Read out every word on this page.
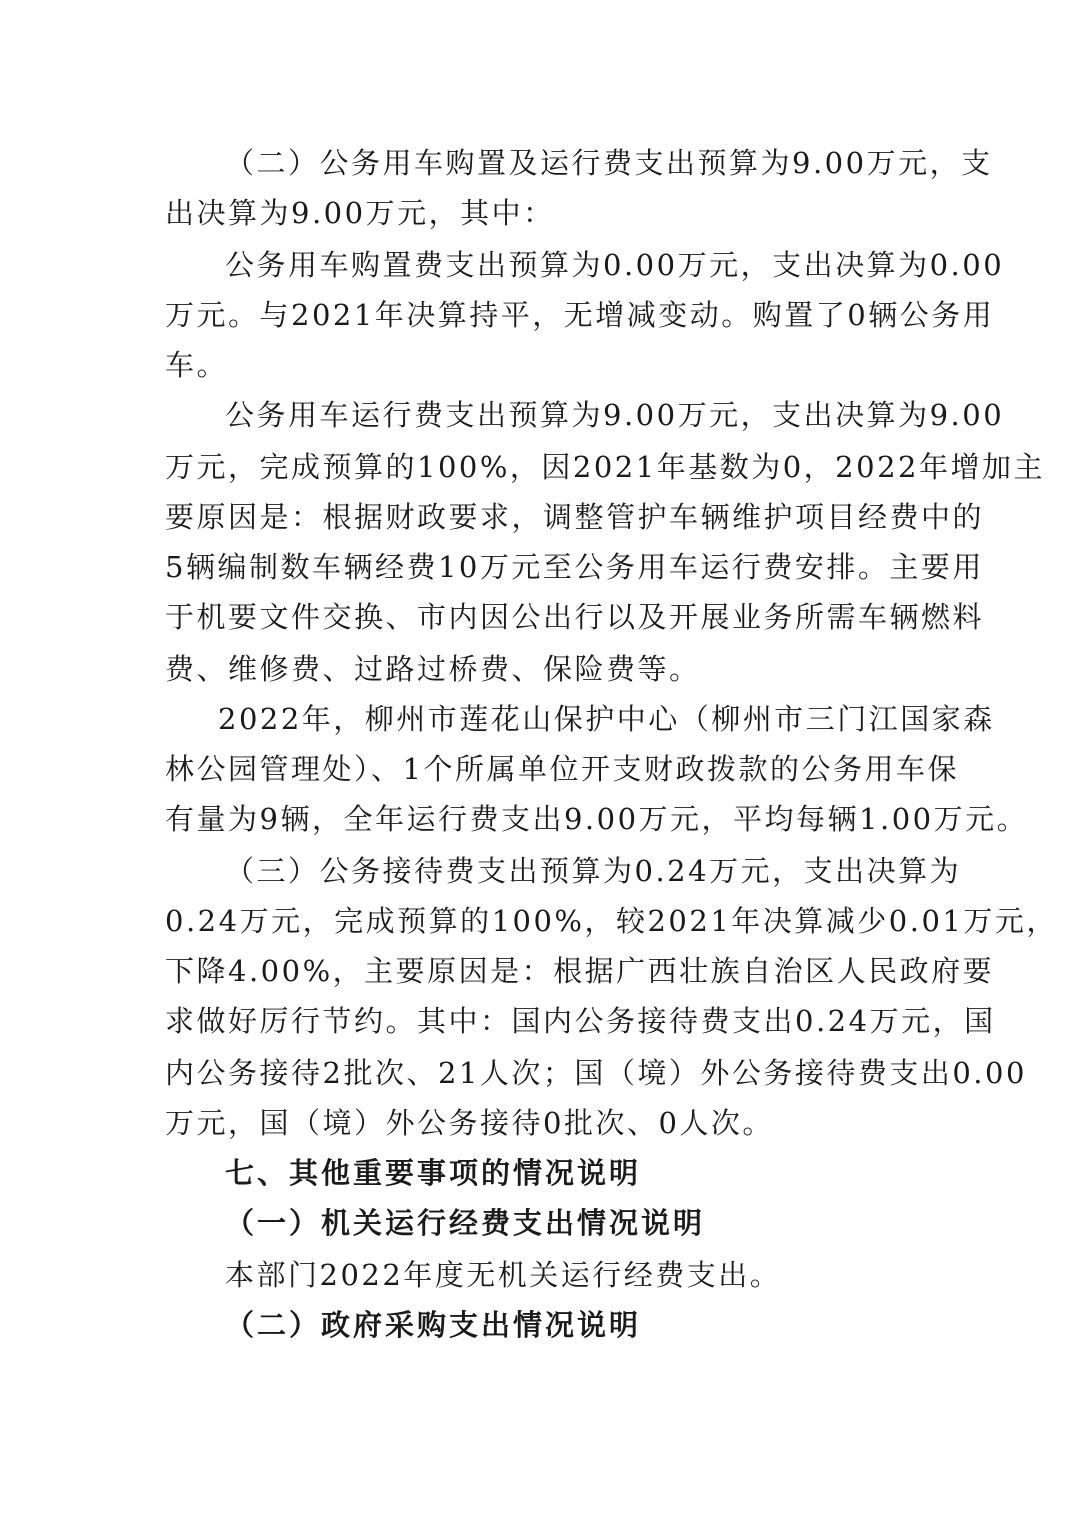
（二）公务用车购置及运行费支出预算为9.00万元，支
出决算为9.00万元，其中：
公务用车购置费支出预算为0.00万元，支出决算为0.00
万元。与2021年决算持平，无增减变动。购置了0辆公务用
车。
公务用车运行费支出预算为9.00万元，支出决算为9.00
万元，完成预算的100%，因2021年基数为0，2022年增加主
要原因是：根据财政要求，调整管护车辆维护项目经费中的
5辆编制数车辆经费10万元至公务用车运行费安排。主要用
于机要文件交换、市内因公出行以及开展业务所需车辆燃料
费、维修费、过路过桥费、保险费等。
2022年，柳州市莲花山保护中心（柳州市三门江国家森
林公园管理处）、1个所属单位开支财政拨款的公务用车保
有量为9辆，全年运行费支出9.00万元，平均每辆1.00万元。
（三）公务接待费支出预算为0.24万元，支出决算为
0.24万元，完成预算的100%，较2021年决算减少0.01万元，
下降4.00%，主要原因是：根据广西壮族自治区人民政府要
求做好厉行节约。其中：国内公务接待费支出0.24万元，国
内公务接待2批次、21人次；国（境）外公务接待费支出0.00
万元，国（境）外公务接待0批次、0人次。
七、其他重要事项的情况说明
（一）机关运行经费支出情况说明
本部门2022年度无机关运行经费支出。
（二）政府采购支出情况说明
